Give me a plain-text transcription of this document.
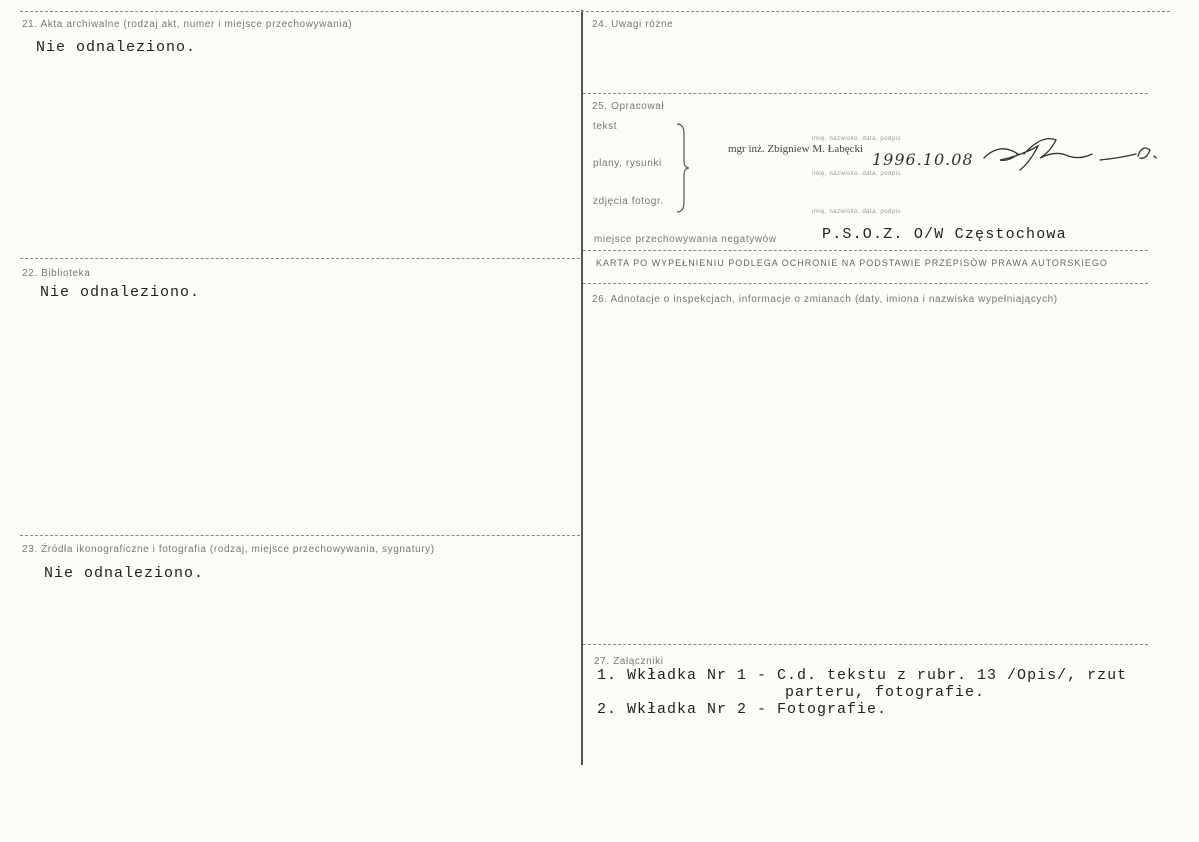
21. Akta archiwalne (rodzaj akt, numer i miejsce przechowywania)
Nie odnaleziono.
22. Biblioteka
Nie odnaleziono.
23. Źródła ikonograficzne i fotografia (rodzaj, miejsce przechowywania, sygnatury)
Nie odnaleziono.
24. Uwagi różne
25. Opracował
tekst
plany, rysunki
zdjęcia fotogr.
imię, nazwisko, data, podpis
mgr inż. Zbigniew M. Łabęcki
1996.10.08
imię, nazwisko, data, podpis
imię, nazwisko, data, podpis
miejsce przechowywania negatywów	P.S.O.Z. O/W Częstochowa
KARTA PO WYPEŁNIENIU PODLEGA OCHRONIE NA PODSTAWIE PRZEPISÓW PRAWA AUTORSKIEGO
26. Adnotacje o inspekcjach, informacje o zmianach (daty, imiona i nazwiska wypełniających)
27. Załączniki
1. Wkładka Nr 1 - C.d. tekstu z rubr. 13 /Opis/, rzut
parteru, fotografie.
2. Wkładka Nr 2 - Fotografie.
